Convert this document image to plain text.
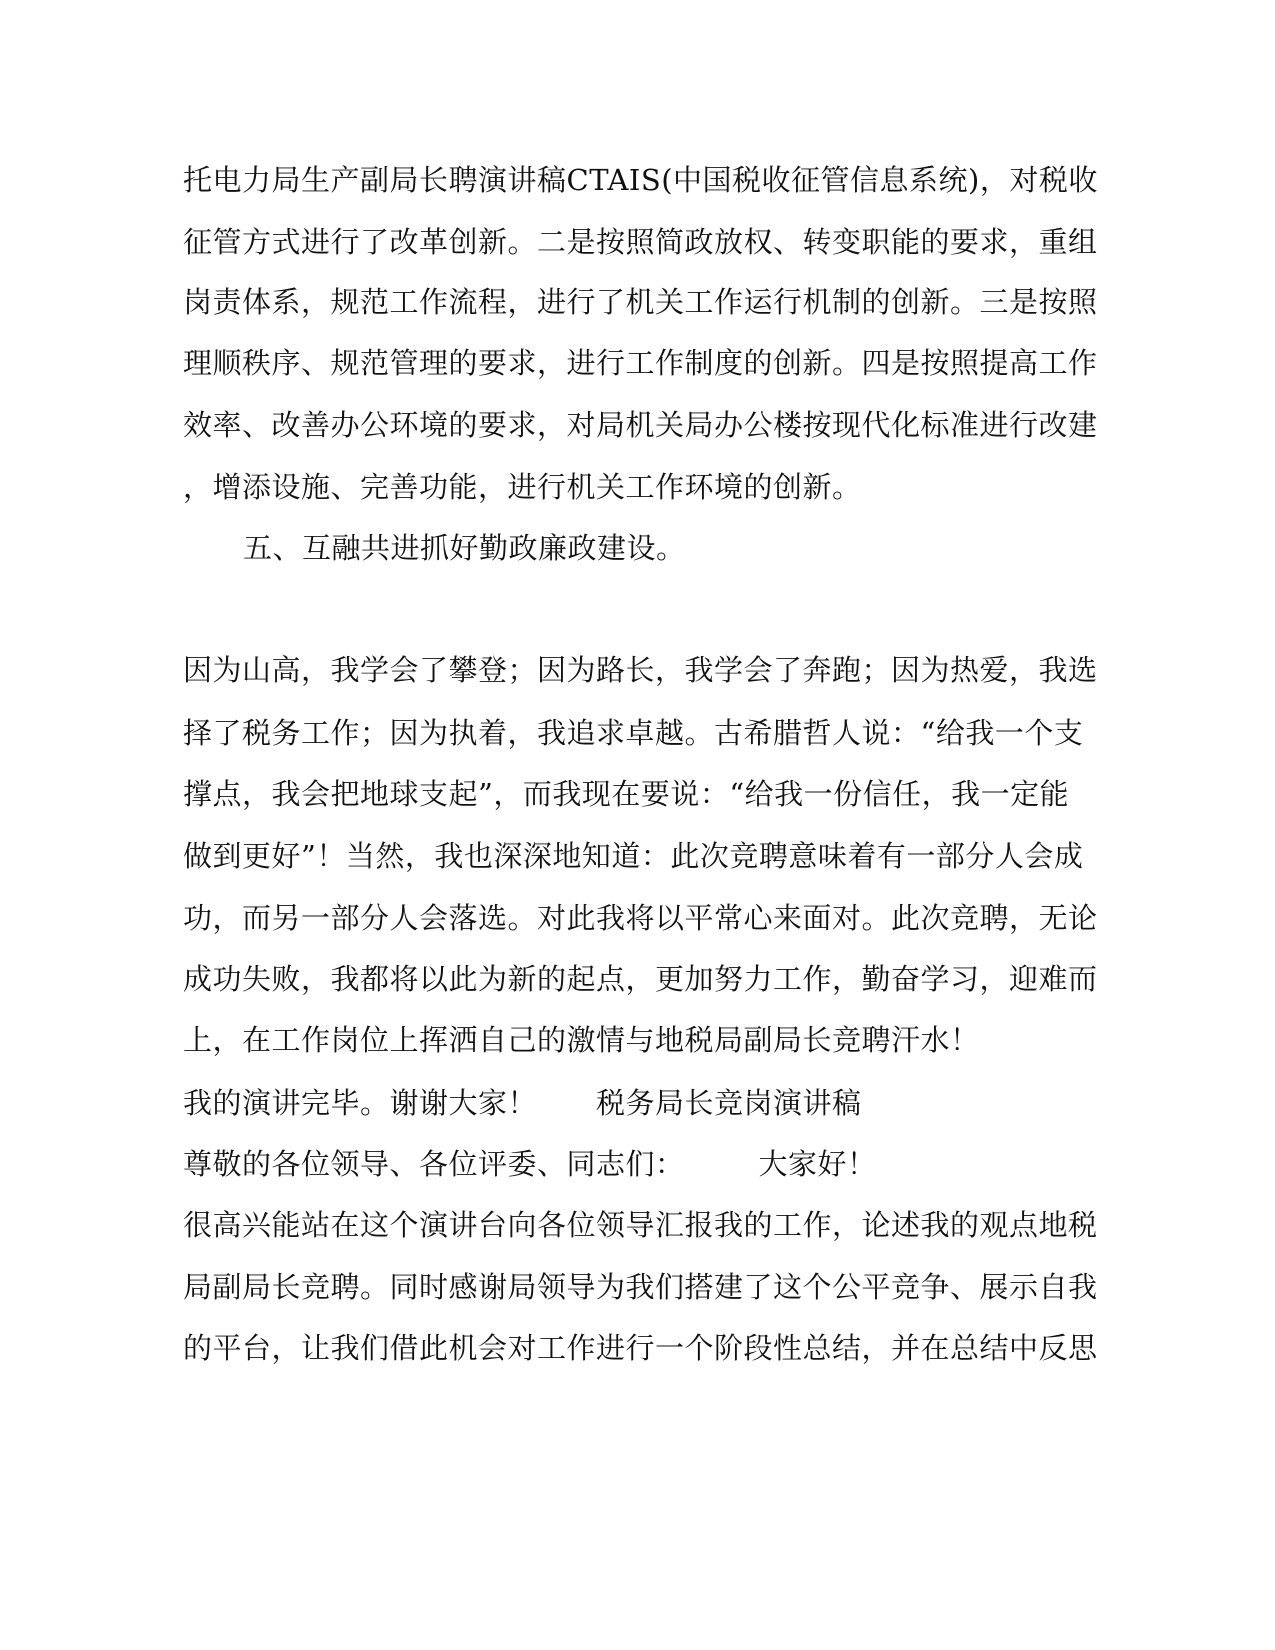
托电力局生产副局长聘演讲稿CTAIS(中国税收征管信息系统)，对税收
征管方式进行了改革创新。二是按照简政放权、转变职能的要求，重组
岗责体系，规范工作流程，进行了机关工作运行机制的创新。三是按照
理顺秩序、规范管理的要求，进行工作制度的创新。四是按照提高工作
效率、改善办公环境的要求，对局机关局办公楼按现代化标准进行改建
，增添设施、完善功能，进行机关工作环境的创新。
五、互融共进抓好勤政廉政建设。
因为山高，我学会了攀登；因为路长，我学会了奔跑；因为热爱，我选
择了税务工作；因为执着，我追求卓越。古希腊哲人说：“给我一个支
撑点，我会把地球支起”，而我现在要说：“给我一份信任，我一定能
做到更好”！当然，我也深深地知道：此次竞聘意味着有一部分人会成
功，而另一部分人会落选。对此我将以平常心来面对。此次竞聘，无论
成功失败，我都将以此为新的起点，更加努力工作，勤奋学习，迎难而
上，在工作岗位上挥洒自己的激情与地税局副局长竞聘汗水！
我的演讲完毕。谢谢大家！　　税务局长竞岗演讲稿
尊敬的各位领导、各位评委、同志们：　　　大家好！
很高兴能站在这个演讲台向各位领导汇报我的工作，论述我的观点地税
局副局长竞聘。同时感谢局领导为我们搭建了这个公平竞争、展示自我
的平台，让我们借此机会对工作进行一个阶段性总结，并在总结中反思
